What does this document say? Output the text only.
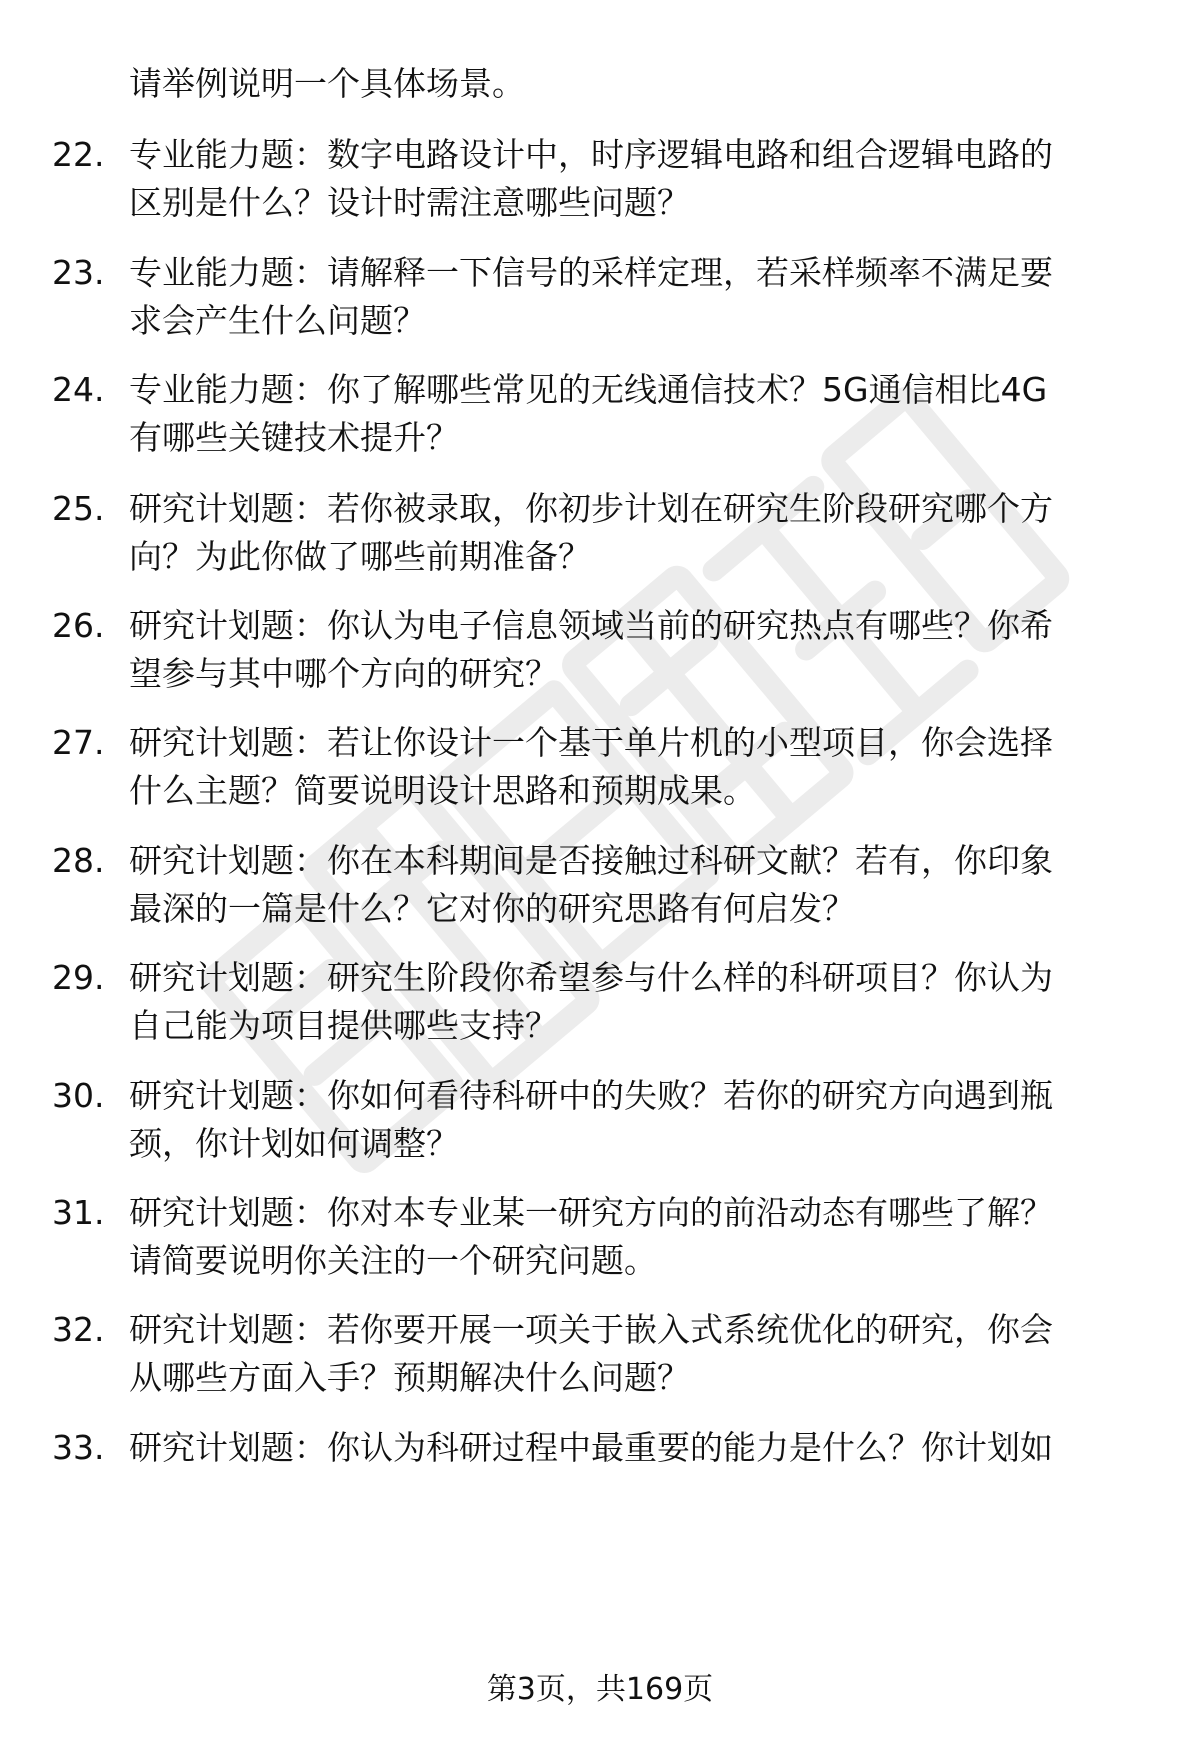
请举例说明一个具体场景。
22. 专业能力题：数字电路设计中，时序逻辑电路和组合逻辑电路的
区别是什么？设计时需注意哪些问题？
23. 专业能力题：请解释一下信号的采样定理，若采样频率不满足要
求会产生什么问题？
24. 专业能力题：你了解哪些常见的无线通信技术？5G通信相比4G
有哪些关键技术提升？
25. 研究计划题：若你被录取，你初步计划在研究生阶段研究哪个方
向？为此你做了哪些前期准备？
26. 研究计划题：你认为电子信息领域当前的研究热点有哪些？你希
望参与其中哪个方向的研究？
27. 研究计划题：若让你设计一个基于单片机的小型项目，你会选择
什么主题？简要说明设计思路和预期成果。
28. 研究计划题：你在本科期间是否接触过科研文献？若有，你印象
最深的一篇是什么？它对你的研究思路有何启发？
29. 研究计划题：研究生阶段你希望参与什么样的科研项目？你认为
自己能为项目提供哪些支持？
30. 研究计划题：你如何看待科研中的失败？若你的研究方向遇到瓶
颈，你计划如何调整？
31. 研究计划题：你对本专业某一研究方向的前沿动态有哪些了解？
请简要说明你关注的一个研究问题。
32. 研究计划题：若你要开展一项关于嵌入式系统优化的研究，你会
从哪些方面入手？预期解决什么问题？
33. 研究计划题：你认为科研过程中最重要的能力是什么？你计划如
第3页，共169页
